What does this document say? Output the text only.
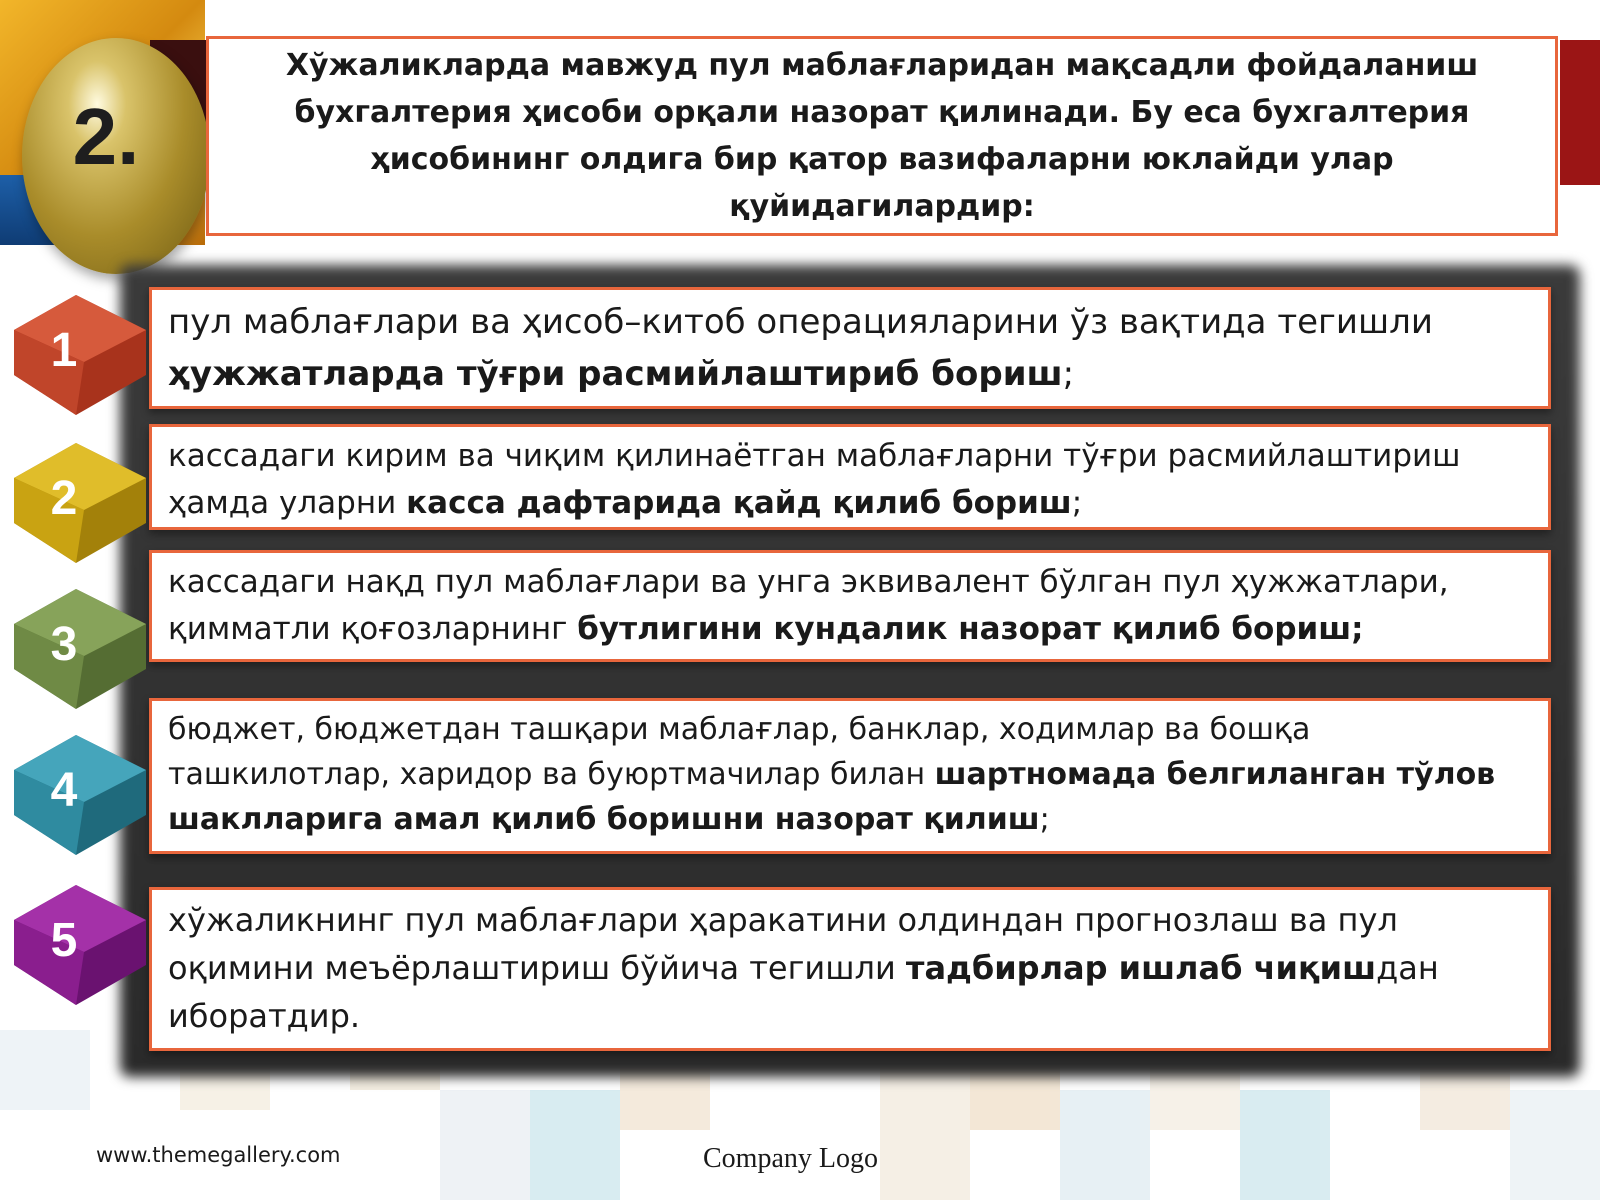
2.

Хўжаликларда мавжуд пул маблағларидан мақсадли фойдаланиш бухгалтерия ҳисоби орқали назорат қилинади. Бу еса бухгалтерия ҳисобининг олдига бир қатор вазифаларни юклайди улар қуйидагилардир:

пул маблағлари ва ҳисоб–китоб операцияларини ўз вақтида тегишли ҳужжатларда тўғри расмийлаштириб бориш;
кассадаги кирим ва чиқим қилинаётган маблағларни тўғри расмийлаштириш ҳамда уларни касса дафтарида қайд қилиб бориш;
кассадаги нақд пул маблағлари ва унга эквивалент бўлган пул ҳужжатлари, қимматли қоғозларнинг бутлигини кундалик назорат қилиб бориш;
бюджет, бюджетдан ташқари маблағлар, банклар, ходимлар ва бошқа ташкилотлар, харидор ва буюртмачилар билан шартномада белгиланган тўлов шаклларига амал қилиб боришни назорат қилиш;
хўжаликнинг пул маблағлари ҳаракатини олдиндан прогнозлаш ва пул оқимини меъёрлаштириш бўйича тегишли тадбирлар ишлаб чиқишдан иборатдир.
1
2
3
4
5
www.themegallery.com	Company Logo
